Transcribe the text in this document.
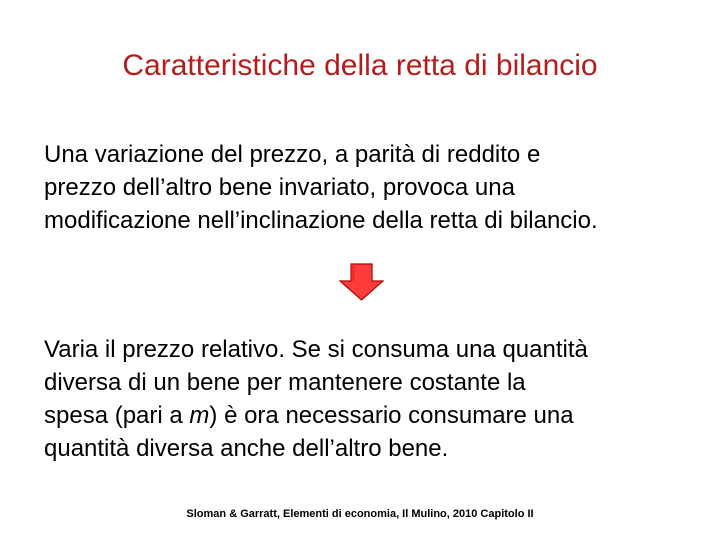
Caratteristiche della retta di bilancio
Una variazione del prezzo, a parità di reddito e
prezzo dell’altro bene invariato, provoca una
modificazione nell’inclinazione della retta di bilancio.
Varia il prezzo relativo. Se si consuma una quantità
diversa di un bene per mantenere costante la
spesa (pari a m) è ora necessario consumare una
quantità diversa anche dell’altro bene.
Sloman & Garratt, Elementi di economia, Il Mulino, 2010 Capitolo II
